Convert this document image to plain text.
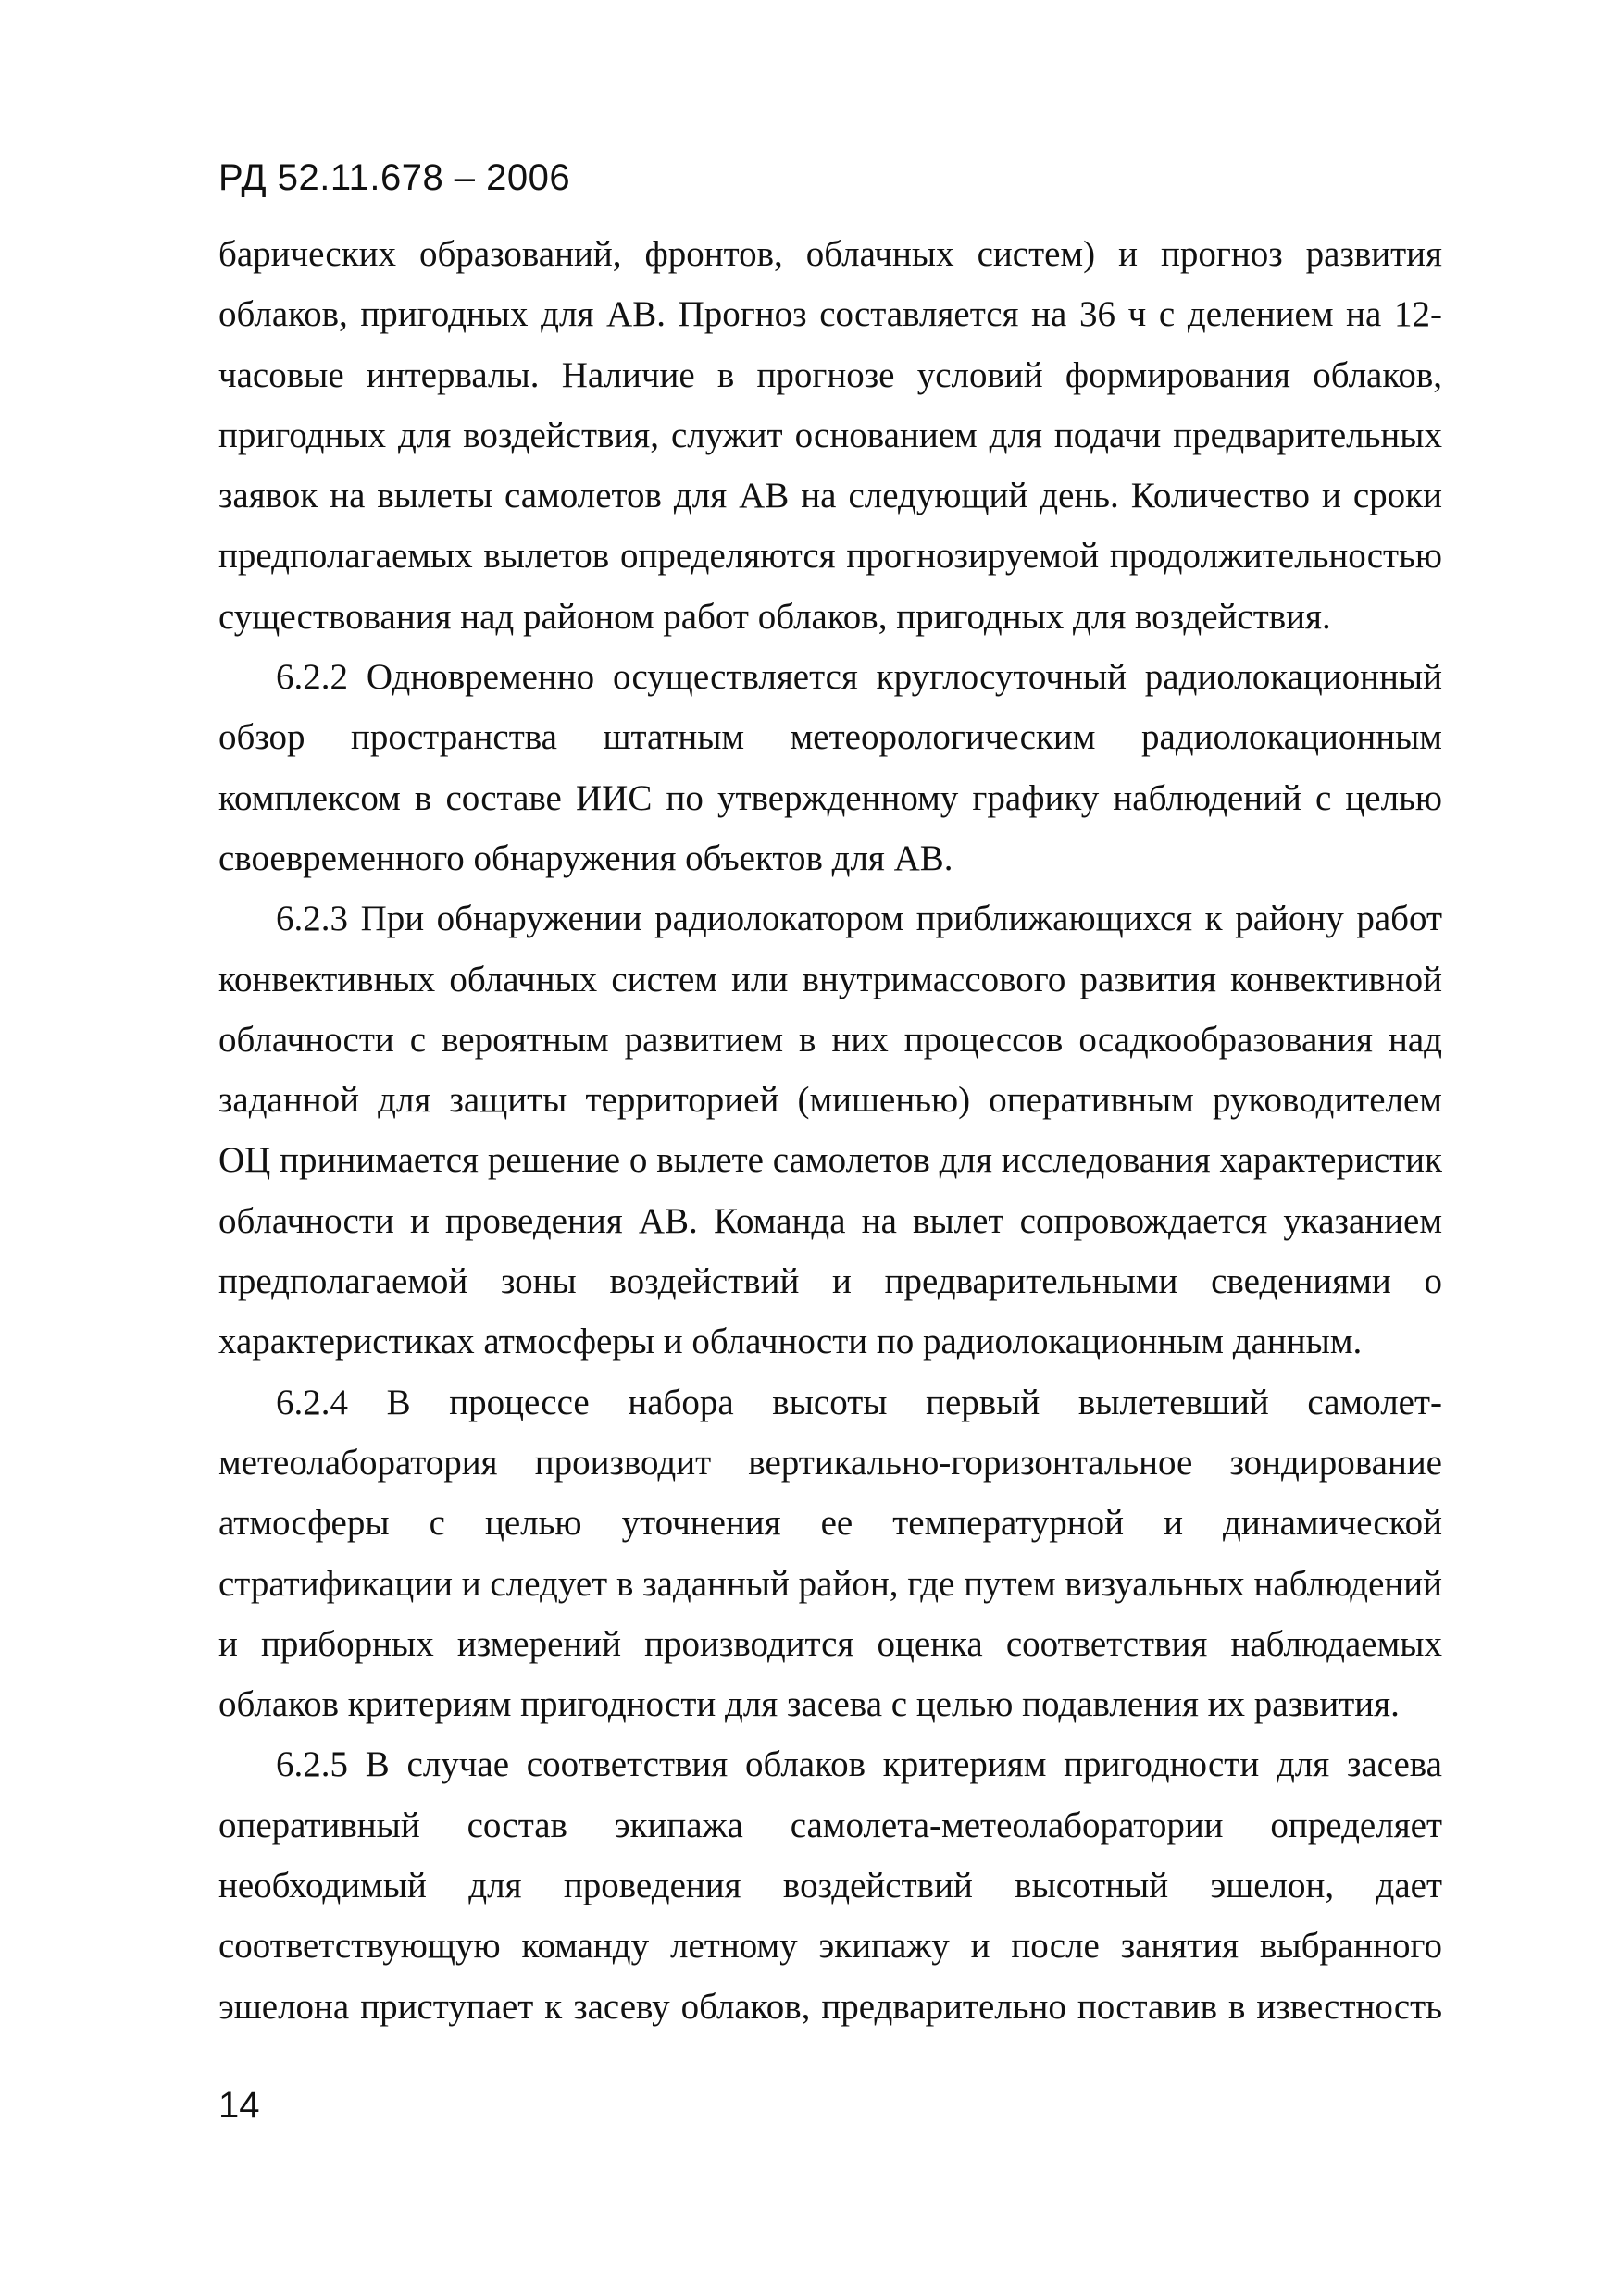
РД 52.11.678 – 2006

барических образований, фронтов, облачных систем) и прогноз развития облаков, пригодных для АВ. Прогноз составляется на 36 ч с делением на 12-часовые интервалы. Наличие в прогнозе условий формирования облаков, пригодных для воздействия, служит основанием для подачи предварительных заявок на вылеты самолетов для АВ на следующий день. Количество и сроки предполагаемых вылетов определяются прогнозируемой продолжительностью существования над районом работ облаков, пригодных для воздействия.

6.2.2 Одновременно осуществляется круглосуточный радиолокационный обзор пространства штатным метеорологическим радиолокационным комплексом в составе ИИС по утвержденному графику наблюдений с целью своевременного обнаружения объектов для АВ.

6.2.3 При обнаружении радиолокатором приближающихся к району работ конвективных облачных систем или внутримассового развития конвективной облачности с вероятным развитием в них процессов осадкообразования над заданной для защиты территорией (мишенью) оперативным руководителем ОЦ принимается решение о вылете самолетов для исследования характеристик облачности и проведения АВ. Команда на вылет сопровождается указанием предполагаемой зоны воздействий и предварительными сведениями о характеристиках атмосферы и облачности по радиолокационным данным.

6.2.4 В процессе набора высоты первый вылетевший самолет-метеолаборатория производит вертикально-горизонтальное зондирование атмосферы с целью уточнения ее температурной и динамической стратификации и следует в заданный район, где путем визуальных наблюдений и приборных измерений производится оценка соответствия наблюдаемых облаков критериям пригодности для засева с целью подавления их развития.

6.2.5 В случае соответствия облаков критериям пригодности для засева оперативный состав экипажа самолета-метеолаборатории определяет необходимый для проведения воздействий высотный эшелон, дает соответствующую команду летному экипажу и после занятия выбранного эшелона приступает к засеву облаков, предварительно поставив в известность

14
